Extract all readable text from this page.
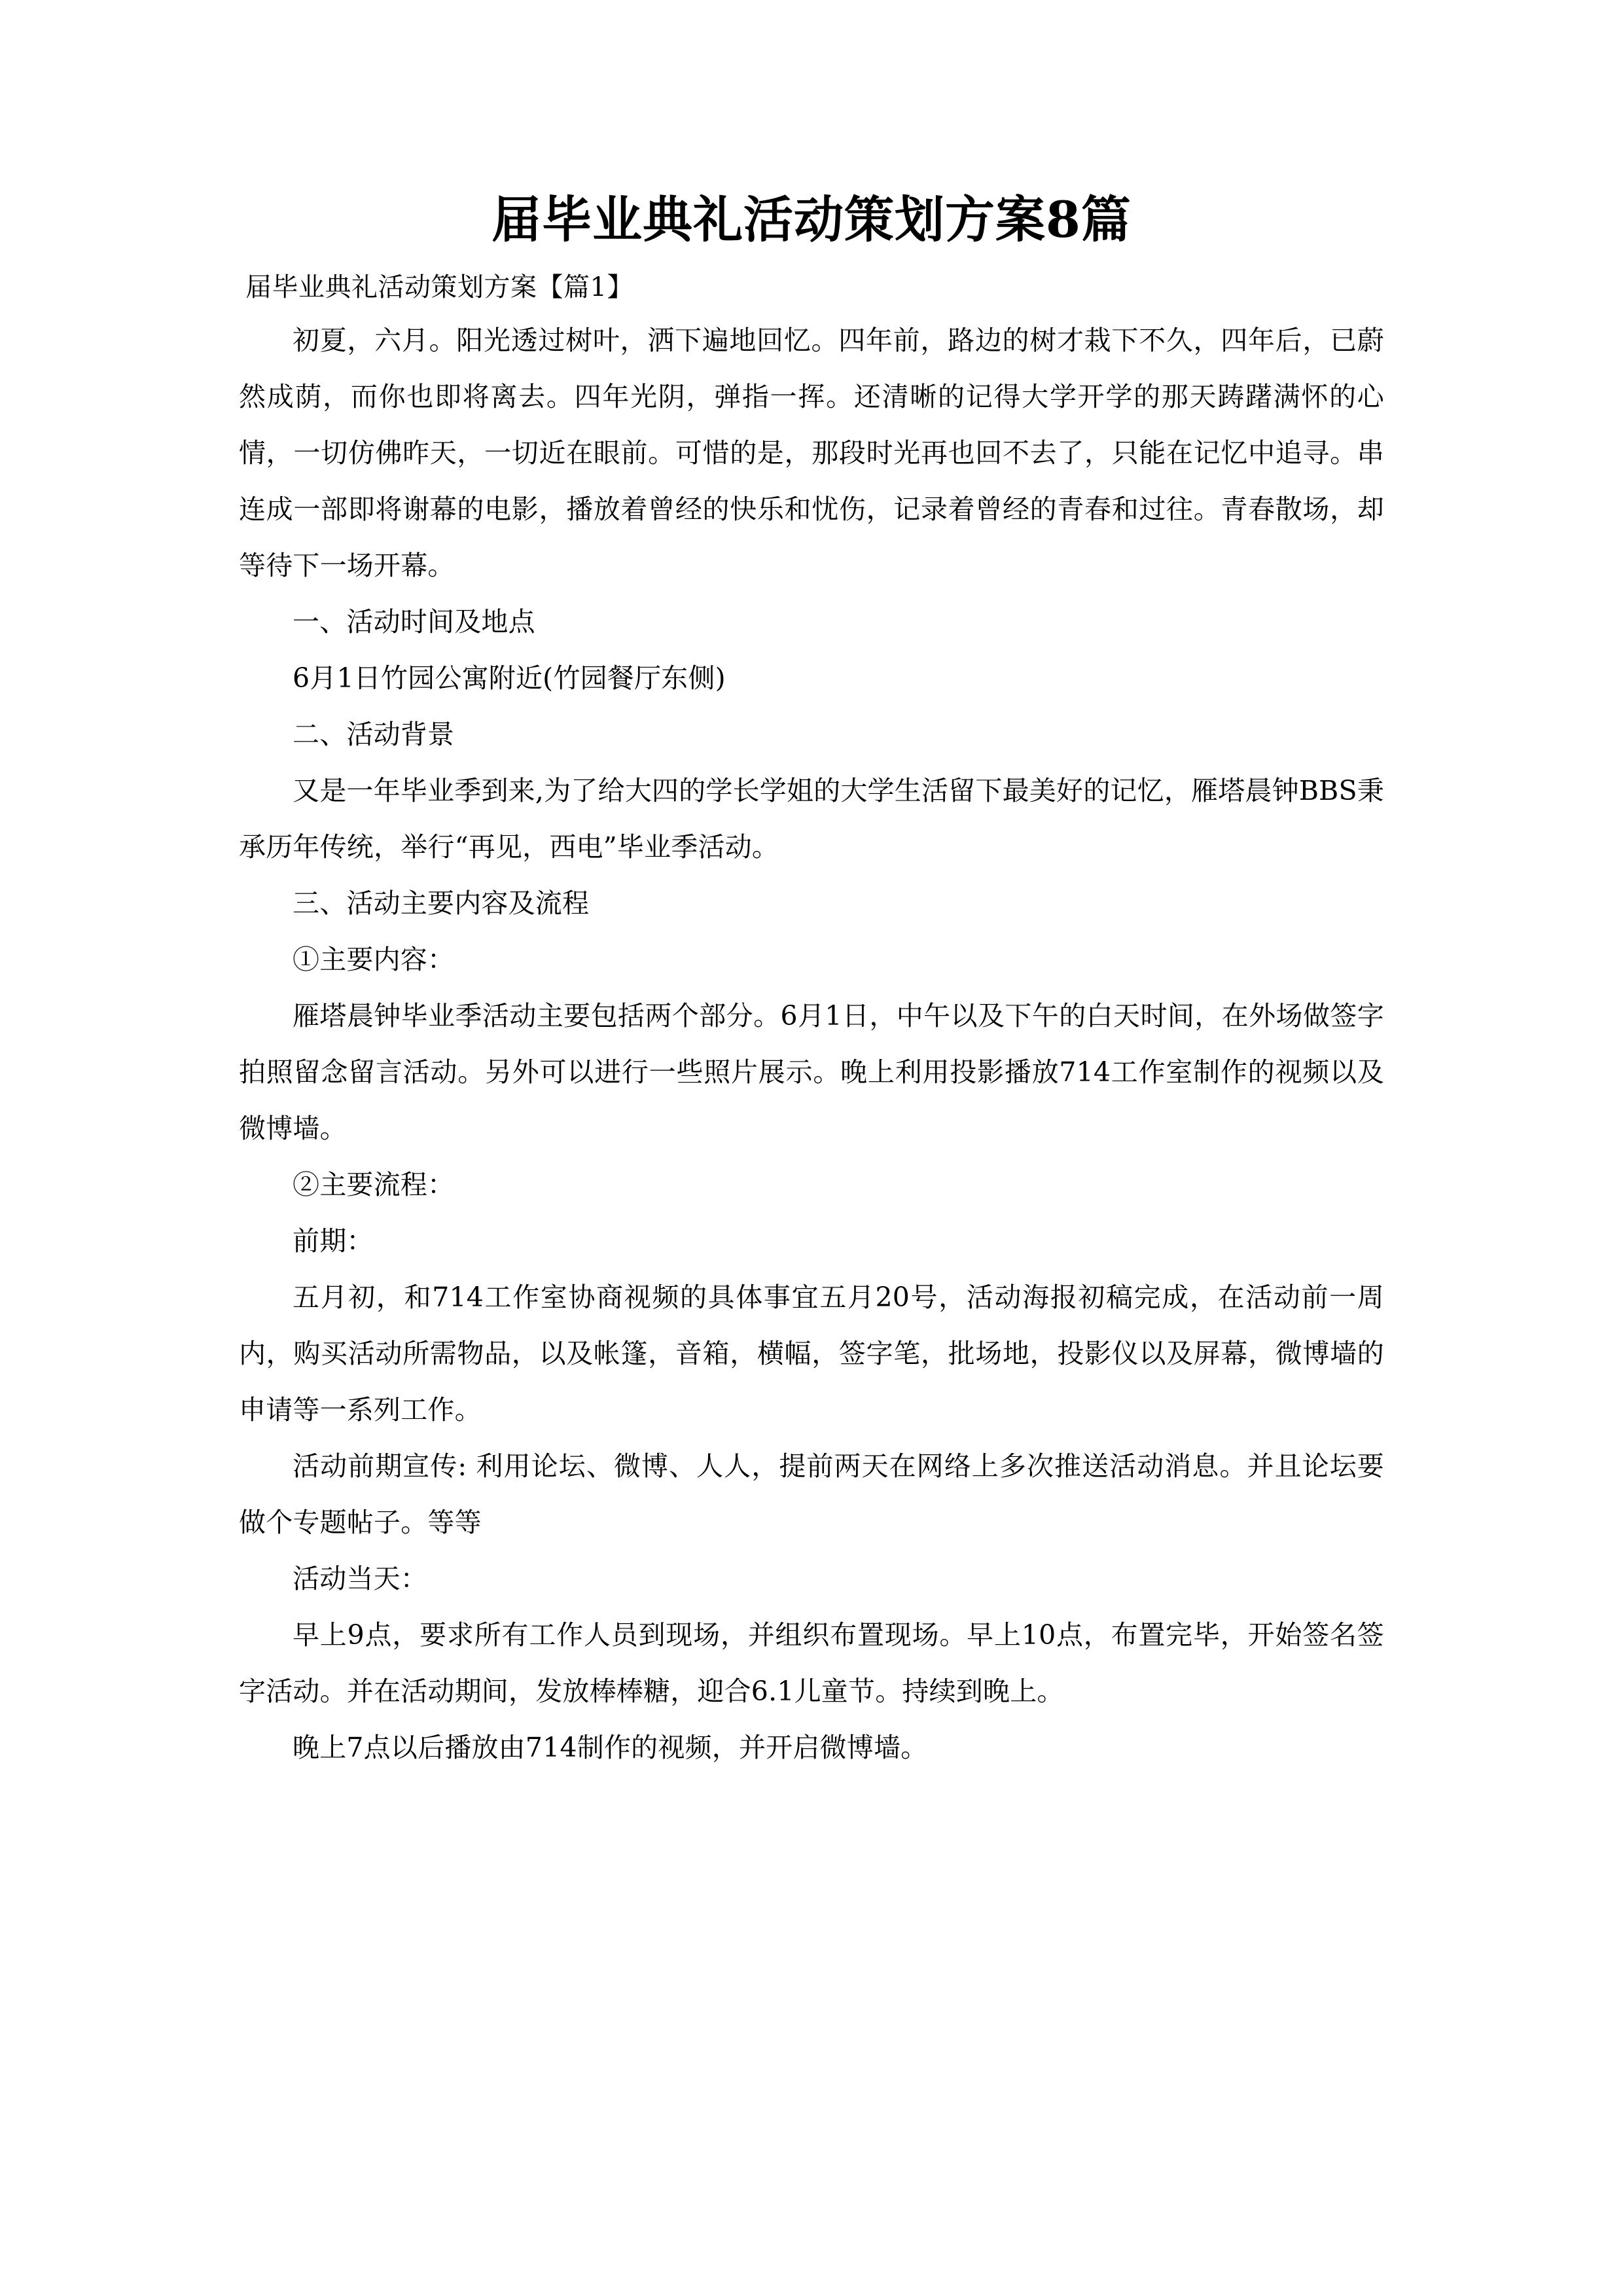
届毕业典礼活动策划方案8篇
届毕业典礼活动策划方案【篇1】

初夏，六月。阳光透过树叶，洒下遍地回忆。四年前，路边的树才栽下不久，四年后，已蔚然成荫，而你也即将离去。四年光阴，弹指一挥。还清晰的记得大学开学的那天踌躇满怀的心情，一切仿佛昨天，一切近在眼前。可惜的是，那段时光再也回不去了，只能在记忆中追寻。串连成一部即将谢幕的电影，播放着曾经的快乐和忧伤，记录着曾经的青春和过往。青春散场，却等待下一场开幕。

一、活动时间及地点

6月1日竹园公寓附近(竹园餐厅东侧)

二、活动背景

又是一年毕业季到来,为了给大四的学长学姐的大学生活留下最美好的记忆，雁塔晨钟BBS秉承历年传统，举行“再见，西电”毕业季活动。

三、活动主要内容及流程

①主要内容：

雁塔晨钟毕业季活动主要包括两个部分。6月1日，中午以及下午的白天时间，在外场做签字拍照留念留言活动。另外可以进行一些照片展示。晚上利用投影播放714工作室制作的视频以及微博墙。

②主要流程：

前期：

五月初，和714工作室协商视频的具体事宜五月20号，活动海报初稿完成，在活动前一周内，购买活动所需物品，以及帐篷，音箱，横幅，签字笔，批场地，投影仪以及屏幕，微博墙的申请等一系列工作。

活动前期宣传: 利用论坛、微博、人人，提前两天在网络上多次推送活动消息。并且论坛要做个专题帖子。等等

活动当天：

早上9点，要求所有工作人员到现场，并组织布置现场。早上10点，布置完毕，开始签名签字活动。并在活动期间，发放棒棒糖，迎合6.1儿童节。持续到晚上。

晚上7点以后播放由714制作的视频，并开启微博墙。
